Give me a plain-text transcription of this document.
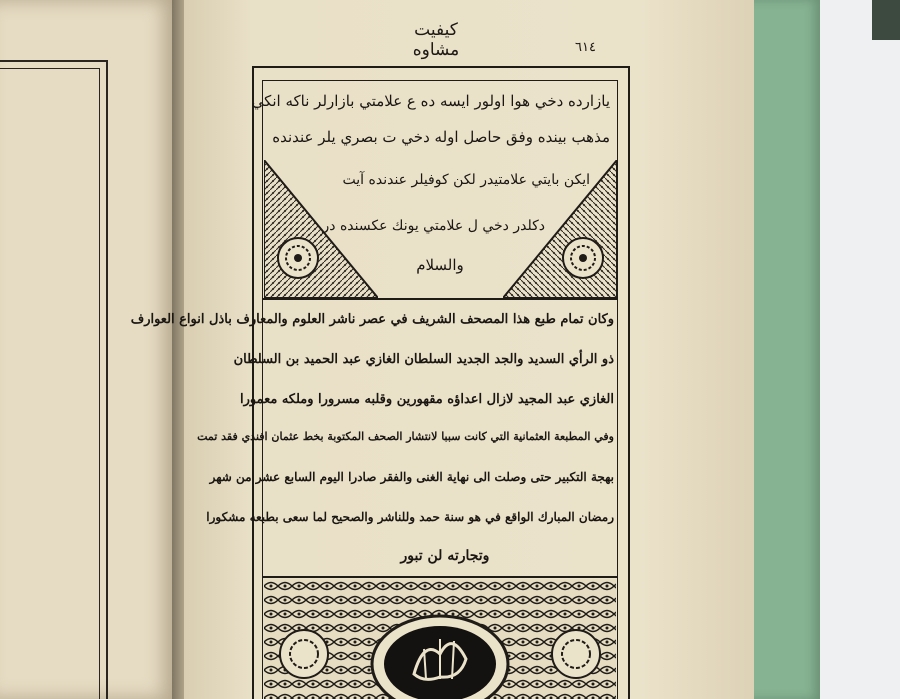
كيفيت مشاوه	٦١٤
يازارده دخي هوا اولور ايسه ده ع علامتي بازارلر ناكه انكي
مذهب بينده وفق حاصل اوله دخي ت بصري يلر عندنده
ايكن بايتي علامتيدر لكن كوفيلر عندنده آيت
دكلدر دخي ل علامتي يونك عكسنده در
والسلام
وكان تمام طبع هذا المصحف الشريف في عصر ناشر العلوم والمعارف باذل انواع العوارف
ذو الرأي السديد والجد الجديد السلطان الغازي عبد الحميد بن السلطان
الغازي عبد المجيد لازال اعداؤه مقهورين وقلبه مسرورا وملكه معمورا
وفي المطبعة العثمانية التي كانت سببا لانتشار الصحف المكتوبة بخط عثمان افندي فقد تمت
بهجة التكبير حتى وصلت الى نهاية الغنى والفقر صادرا اليوم السابع عشر من شهر
رمضان المبارك الواقع في هو سنة حمد وللناشر والصحيح لما سعى بطبعه مشكورا
وتجارته لن تبور
